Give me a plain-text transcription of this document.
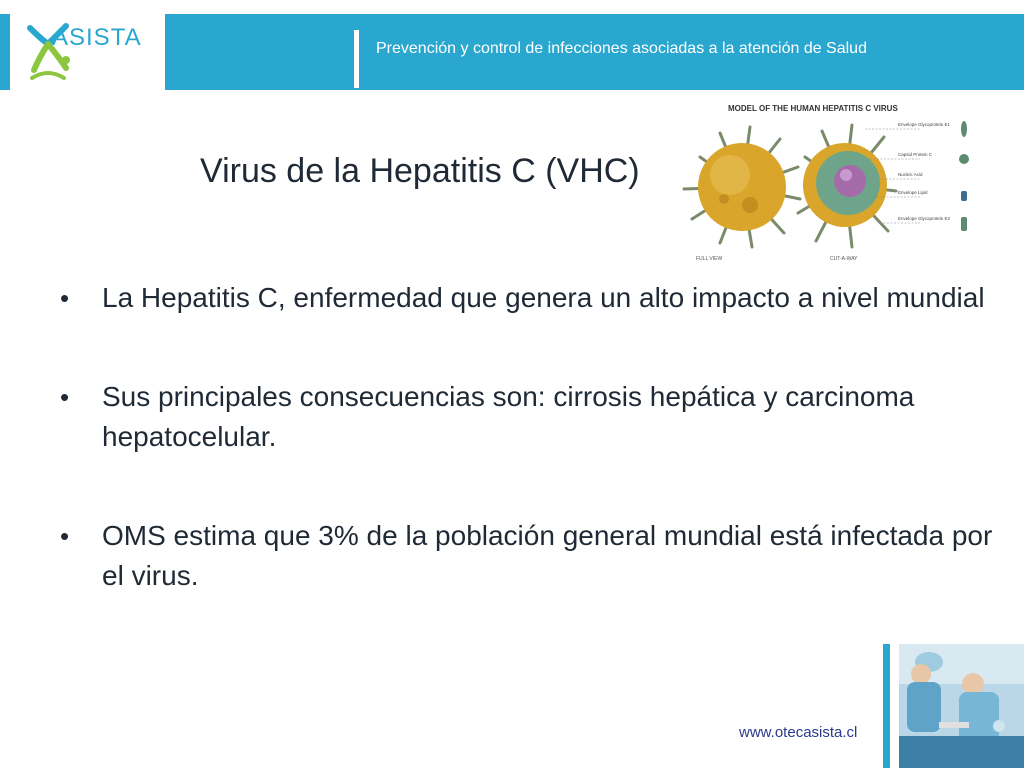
ASISTA	Prevención y control de infecciones asociadas a la atención de Salud
Virus de la Hepatitis C (VHC)
MODEL OF THE HUMAN HEPATITIS C VIRUS
FULL VIEW	CUT-A-WAY
Envelope Glycoprotein E1
Capsid Protein C
Nucleic Acid
Envelope Lipid
Envelope Glycoprotein E2
• La Hepatitis C, enfermedad que genera un alto impacto a nivel mundial
• Sus principales consecuencias son: cirrosis hepática y carcinoma hepatocelular.
• OMS estima que 3% de la población general mundial está infectada por el virus.
www.otecasista.cl
